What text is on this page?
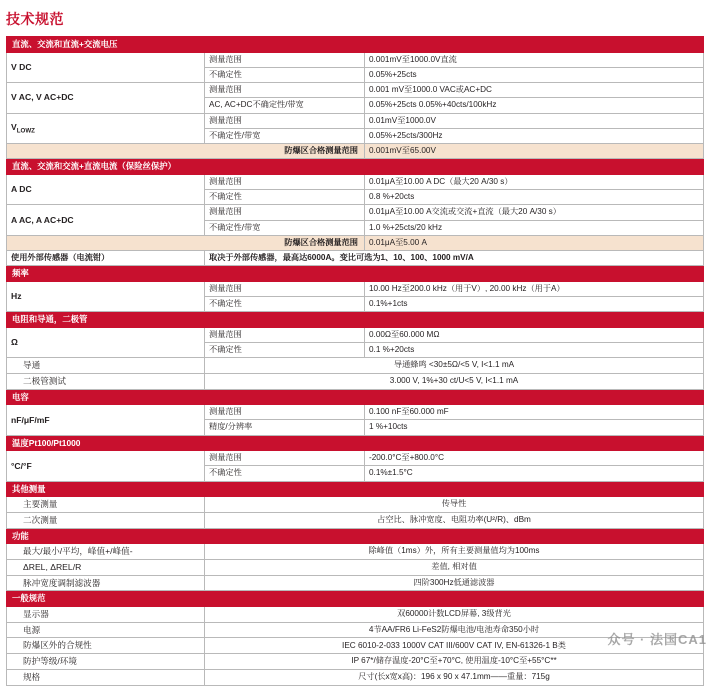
技术规范
直流、交流和直流+交流电压		
V DC	测量范围	0.001mV至1000.0V直流
	不确定性	0.05%+25cts
V AC, V AC+DC	测量范围	0.001 mV至1000.0 VAC或AC+DC
	AC, AC+DC不确定性/带宽	0.05%+25cts 0.05%+40cts/100kHz
$V_{LOWZ}$	测量范围	0.01mV至1000.0V
	不确定性/带宽	0.05%+25cts/300Hz
防爆区合格测量范围		0.001mV至65.00V
直流、交流和交流+直流电流（保险丝保护）		
A DC	测量范围	0.01μA至10.00 A DC（最大20 A/30 s）
	不确定性	0.8 %+20cts
A AC, A AC+DC	测量范围	0.01μA至10.00 A交流或交流+直流（最大20 A/30 s）
	不确定性/带宽	1.0 %+25cts/20 kHz
防爆区合格测量范围		0.01μA至5.00 A
使用外部传感器（电流钳）	取决于外部传感器，最高达6000A。变比可选为1、10、100、1000 mV/A	
频率		
Hz	测量范围	10.00 Hz至200.0 kHz（用于V）, 20.00 kHz（用于A）
	不确定性	0.1%+1cts
电阻和导通，二极管		
Ω	测量范围	0.00Ω至60.000 MΩ
	不确定性	0.1 %+20cts
导通	导通蜂鸣 <30±5Ω/<5 V, I<1.1 mA	
二极管测试	3.000 V, 1%+30 ct/U<5 V, I<1.1 mA	
电容		
nF/μF/mF	测量范围	0.100 nF至60.000 mF
	精度/分辨率	1 %+10cts
温度Pt100/Pt1000		
°C/°F	测量范围	-200.0°C至+800.0°C
	不确定性	0.1%±1.5°C
其他测量		
主要测量	传导性	
二次测量	占空比、脉冲宽度、电阻功率(U²/R)、dBm	
功能		
最大/最小/平均，峰值+/峰值-	除峰值（1ms）外，所有主要测量值均为100ms	
ΔREL, ΔREL/R	差值, 相对值	
脉冲宽度调制滤波器	四阶300Hz低通滤波器	
一般规范		
显示器	双60000计数LCD屏幕, 3级背光	
电源	4节AA/FR6 Li-FeS2防爆电池/电池寿命350小时	
防爆区外的合规性	IEC 6010-2-033 1000V CAT III/600V CAT IV, EN-61326-1 B类	
防护等级/环境	IP 67*/储存温度-20°C至+70°C, 使用温度-10°C至+55°C**	
规格	尺寸(长x宽x高)：196 x 90 x 47.1mm——重量：715g	
众号 · 法国CA1
